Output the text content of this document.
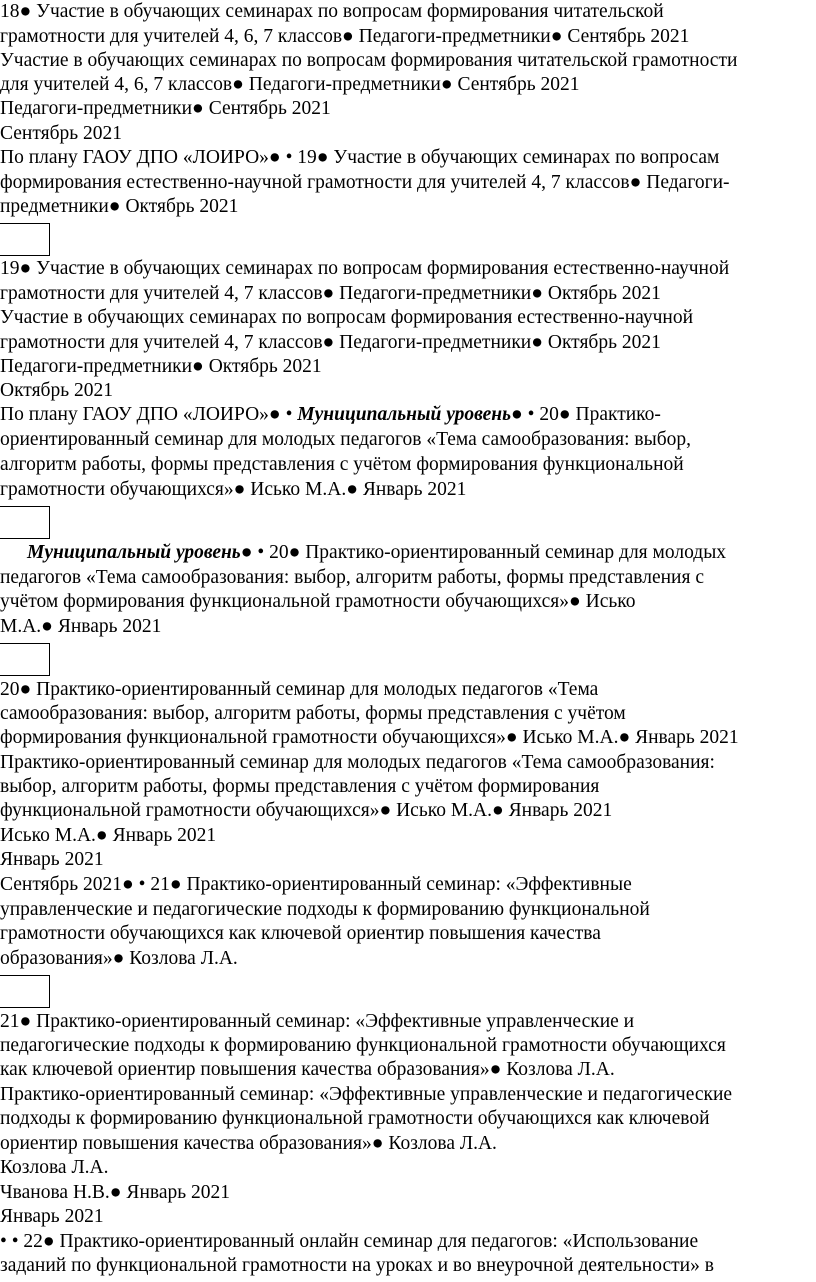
18● Участие в обучающих семинарах по вопросам формирования читательской
грамотности для учителей 4, 6, 7 классов● Педагоги-предметники● Сентябрь 2021
Участие в обучающих семинарах по вопросам формирования читательской грамотности
для учителей 4, 6, 7 классов● Педагоги-предметники● Сентябрь 2021
Педагоги-предметники● Сентябрь 2021
Сентябрь 2021
По плану ГАОУ ДПО «ЛОИРО»● • 19● Участие в обучающих семинарах по вопросам
формирования естественно-научной грамотности для учителей 4, 7 классов● Педагоги-
предметники● Октябрь 2021
19● Участие в обучающих семинарах по вопросам формирования естественно-научной
грамотности для учителей 4, 7 классов● Педагоги-предметники● Октябрь 2021
Участие в обучающих семинарах по вопросам формирования естественно-научной
грамотности для учителей 4, 7 классов● Педагоги-предметники● Октябрь 2021
Педагоги-предметники● Октябрь 2021
Октябрь 2021
По плану ГАОУ ДПО «ЛОИРО»● • Муниципальный уровень● • 20● Практико-
ориентированный семинар для молодых педагогов «Тема самообразования: выбор,
алгоритм работы, формы представления с учётом формирования функциональной
грамотности обучающихся»● Исько М.А.● Январь 2021
Муниципальный уровень● • 20● Практико-ориентированный семинар для молодых
педагогов «Тема самообразования: выбор, алгоритм работы, формы представления с
учётом формирования функциональной грамотности обучающихся»● Исько
М.А.● Январь 2021
20● Практико-ориентированный семинар для молодых педагогов «Тема
самообразования: выбор, алгоритм работы, формы представления с учётом
формирования функциональной грамотности обучающихся»● Исько М.А.● Январь 2021
Практико-ориентированный семинар для молодых педагогов «Тема самообразования:
выбор, алгоритм работы, формы представления с учётом формирования
функциональной грамотности обучающихся»● Исько М.А.● Январь 2021
Исько М.А.● Январь 2021
Январь 2021
Сентябрь 2021● • 21● Практико-ориентированный семинар: «Эффективные
управленческие и педагогические подходы к формированию функциональной
грамотности обучающихся как ключевой ориентир повышения качества
образования»● Козлова Л.А.
21● Практико-ориентированный семинар: «Эффективные управленческие и
педагогические подходы к формированию функциональной грамотности обучающихся
как ключевой ориентир повышения качества образования»● Козлова Л.А.
Практико-ориентированный семинар: «Эффективные управленческие и педагогические
подходы к формированию функциональной грамотности обучающихся как ключевой
ориентир повышения качества образования»● Козлова Л.А.
Козлова Л.А.
Чванова Н.В.● Январь 2021
Январь 2021
• • 22● Практико-ориентированный онлайн семинар для педагогов: «Использование
заданий по функциональной грамотности на уроках и во внеурочной деятельности» в
